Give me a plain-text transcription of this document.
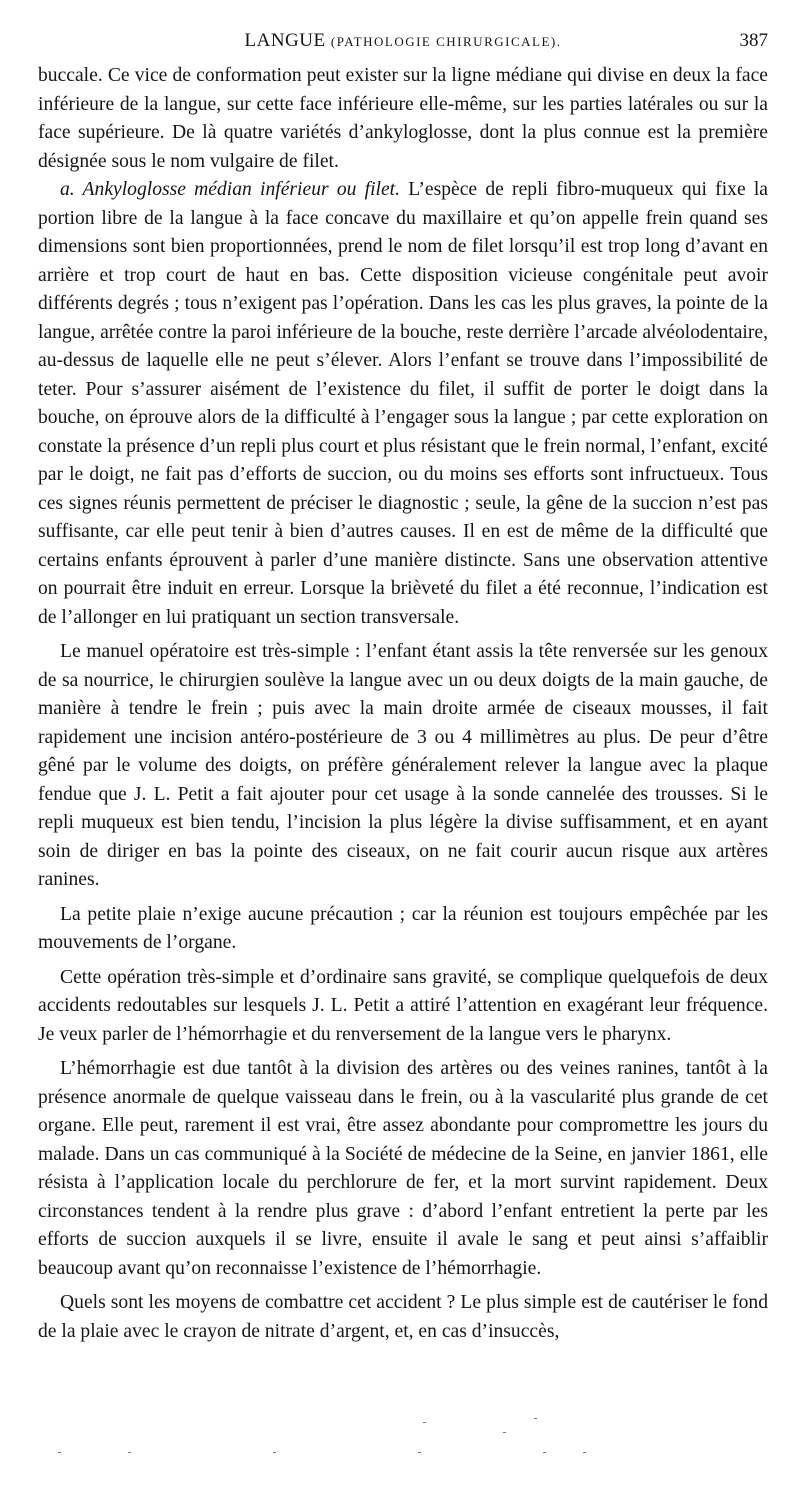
LANGUE (PATHOLOGIE CHIRURGICALE).	387

buccale. Ce vice de conformation peut exister sur la ligne médiane qui divise en deux la face inférieure de la langue, sur cette face inférieure elle-même, sur les parties latérales ou sur la face supérieure. De là quatre variétés d’ankyloglosse, dont la plus connue est la première désignée sous le nom vulgaire de filet.

a. Ankyloglosse médian inférieur ou filet. L’espèce de repli fibro-muqueux qui fixe la portion libre de la langue à la face concave du maxillaire et qu’on appelle frein quand ses dimensions sont bien proportionnées, prend le nom de filet lorsqu’il est trop long d’avant en arrière et trop court de haut en bas. Cette disposition vicieuse congénitale peut avoir différents degrés ; tous n’exigent pas l’opération. Dans les cas les plus graves, la pointe de la langue, arrêtée contre la paroi inférieure de la bouche, reste derrière l’arcade alvéolodentaire, au-dessus de laquelle elle ne peut s’élever. Alors l’enfant se trouve dans l’impossibilité de teter. Pour s’assurer aisément de l’existence du filet, il suffit de porter le doigt dans la bouche, on éprouve alors de la difficulté à l’engager sous la langue ; par cette exploration on constate la présence d’un repli plus court et plus résistant que le frein normal, l’enfant, excité par le doigt, ne fait pas d’efforts de succion, ou du moins ses efforts sont infructueux. Tous ces signes réunis permettent de préciser le diagnostic ; seule, la gêne de la succion n’est pas suffisante, car elle peut tenir à bien d’autres causes. Il en est de même de la difficulté que certains enfants éprouvent à parler d’une manière distincte. Sans une observation attentive on pourrait être induit en erreur. Lorsque la brièveté du filet a été reconnue, l’indication est de l’allonger en lui pratiquant un section transversale.

Le manuel opératoire est très-simple : l’enfant étant assis la tête renversée sur les genoux de sa nourrice, le chirurgien soulève la langue avec un ou deux doigts de la main gauche, de manière à tendre le frein ; puis avec la main droite armée de ciseaux mousses, il fait rapidement une incision antéro-postérieure de 3 ou 4 millimètres au plus. De peur d’être gêné par le volume des doigts, on préfère généralement relever la langue avec la plaque fendue que J. L. Petit a fait ajouter pour cet usage à la sonde cannelée des trousses. Si le repli muqueux est bien tendu, l’incision la plus légère la divise suffisamment, et en ayant soin de diriger en bas la pointe des ciseaux, on ne fait courir aucun risque aux artères ranines.

La petite plaie n’exige aucune précaution ; car la réunion est toujours empêchée par les mouvements de l’organe.

Cette opération très-simple et d’ordinaire sans gravité, se complique quelquefois de deux accidents redoutables sur lesquels J. L. Petit a attiré l’attention en exagérant leur fréquence. Je veux parler de l’hémorrhagie et du renversement de la langue vers le pharynx.

L’hémorrhagie est due tantôt à la division des artères ou des veines ranines, tantôt à la présence anormale de quelque vaisseau dans le frein, ou à la vascularité plus grande de cet organe. Elle peut, rarement il est vrai, être assez abondante pour compromettre les jours du malade. Dans un cas communiqué à la Société de médecine de la Seine, en janvier 1861, elle résista à l’application locale du perchlorure de fer, et la mort survint rapidement. Deux circonstances tendent à la rendre plus grave : d’abord l’enfant entretient la perte par les efforts de succion auxquels il se livre, ensuite il avale le sang et peut ainsi s’affaiblir beaucoup avant qu’on reconnaisse l’existence de l’hémorrhagie.

Quels sont les moyens de combattre cet accident ? Le plus simple est de cautériser le fond de la plaie avec le crayon de nitrate d’argent, et, en cas d’insuccès,
